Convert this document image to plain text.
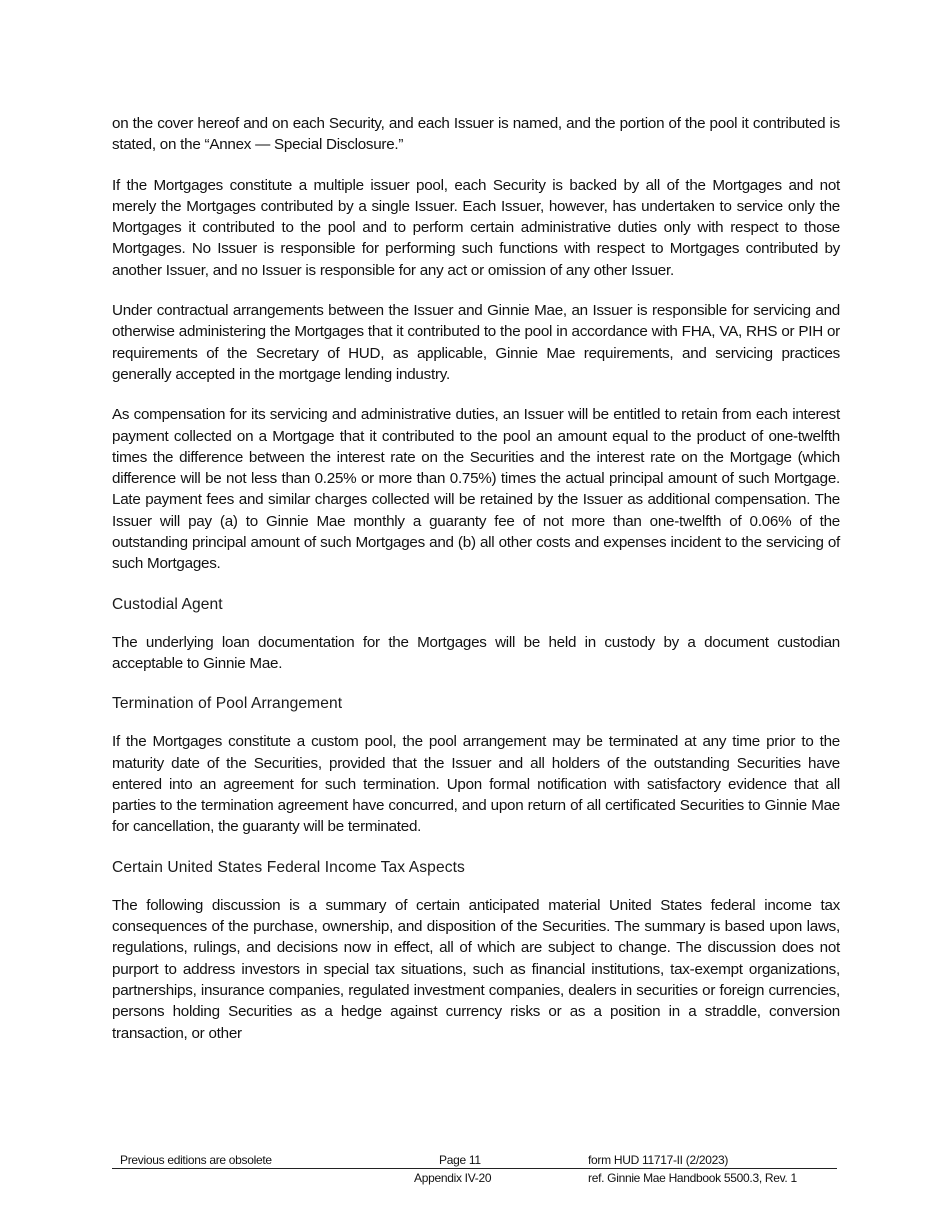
on the cover hereof and on each Security, and each Issuer is named, and the portion of the pool it contributed is stated, on the “Annex — Special Disclosure.”

If the Mortgages constitute a multiple issuer pool, each Security is backed by all of the Mortgages and not merely the Mortgages contributed by a single Issuer. Each Issuer, however, has undertaken to service only the Mortgages it contributed to the pool and to perform certain administrative duties only with respect to those Mortgages. No Issuer is responsible for performing such functions with respect to Mortgages contributed by another Issuer, and no Issuer is responsible for any act or omission of any other Issuer.

Under contractual arrangements between the Issuer and Ginnie Mae, an Issuer is responsible for servicing and otherwise administering the Mortgages that it contributed to the pool in accordance with FHA, VA, RHS or PIH or requirements of the Secretary of HUD, as applicable, Ginnie Mae requirements, and servicing practices generally accepted in the mortgage lending industry.

As compensation for its servicing and administrative duties, an Issuer will be entitled to retain from each interest payment collected on a Mortgage that it contributed to the pool an amount equal to the product of one-twelfth times the difference between the interest rate on the Securities and the interest rate on the Mortgage (which difference will be not less than 0.25% or more than 0.75%) times the actual principal amount of such Mortgage. Late payment fees and similar charges collected will be retained by the Issuer as additional compensation. The Issuer will pay (a) to Ginnie Mae monthly a guaranty fee of not more than one-twelfth of 0.06% of the outstanding principal amount of such Mortgages and (b) all other costs and expenses incident to the servicing of such Mortgages.

Custodial Agent

The underlying loan documentation for the Mortgages will be held in custody by a document custodian acceptable to Ginnie Mae.

Termination of Pool Arrangement

If the Mortgages constitute a custom pool, the pool arrangement may be terminated at any time prior to the maturity date of the Securities, provided that the Issuer and all holders of the outstanding Securities have entered into an agreement for such termination. Upon formal notification with satisfactory evidence that all parties to the termination agreement have concurred, and upon return of all certificated Securities to Ginnie Mae for cancellation, the guaranty will be terminated.

Certain United States Federal Income Tax Aspects

The following discussion is a summary of certain anticipated material United States federal income tax consequences of the purchase, ownership, and disposition of the Securities. The summary is based upon laws, regulations, rulings, and decisions now in effect, all of which are subject to change. The discussion does not purport to address investors in special tax situations, such as financial institutions, tax-exempt organizations, partnerships, insurance companies, regulated investment companies, dealers in securities or foreign currencies, persons holding Securities as a hedge against currency risks or as a position in a straddle, conversion transaction, or other

Previous editions are obsolete	Page 11	form HUD 11717-II (2/2023)
Appendix IV-20	ref. Ginnie Mae Handbook 5500.3, Rev. 1
